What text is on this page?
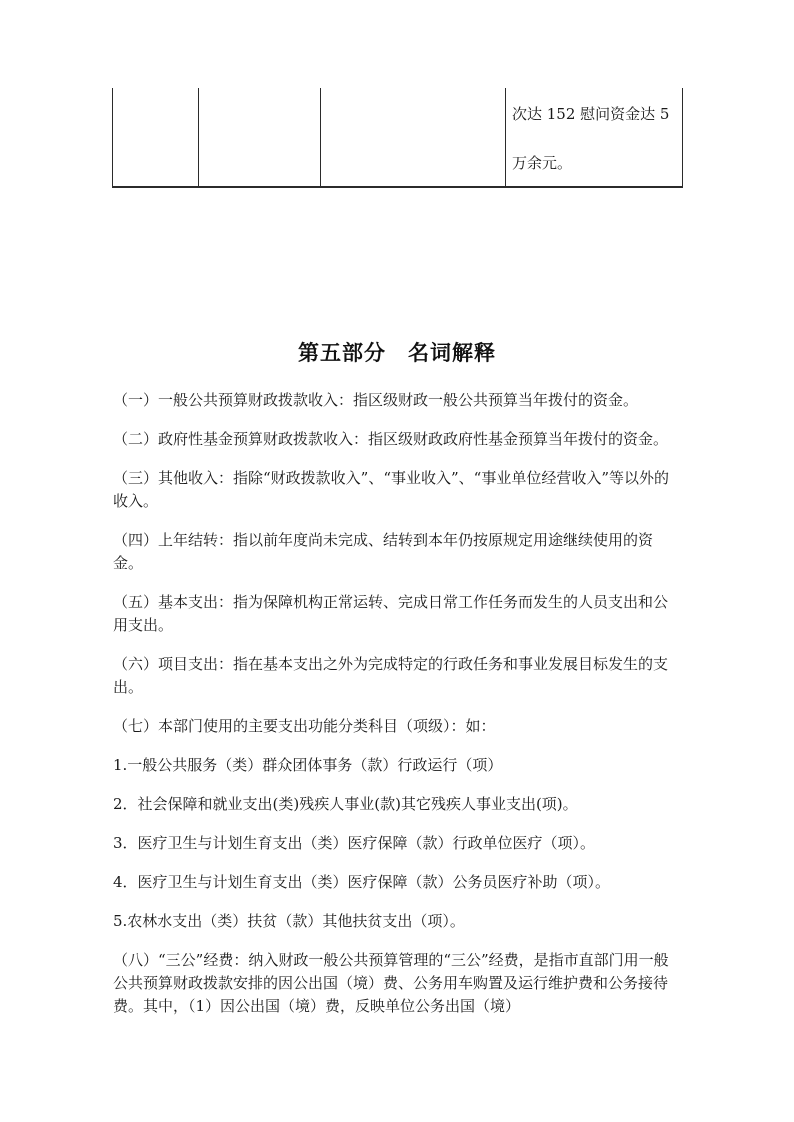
次达 152 慰问资金达 5
万余元。
第五部分　名词解释

（一）一般公共预算财政拨款收入：指区级财政一般公共预算当年拨付的资金。

（二）政府性基金预算财政拨款收入：指区级财政政府性基金预算当年拨付的资金。

（三）其他收入：指除“财政拨款收入”、“事业收入”、“事业单位经营收入”等以外的收入。

（四）上年结转：指以前年度尚未完成、结转到本年仍按原规定用途继续使用的资金。

（五）基本支出：指为保障机构正常运转、完成日常工作任务而发生的人员支出和公用支出。

（六）项目支出：指在基本支出之外为完成特定的行政任务和事业发展目标发生的支出。

（七）本部门使用的主要支出功能分类科目（项级）：如：

1.一般公共服务（类）群众团体事务（款）行政运行（项）

2．社会保障和就业支出(类)残疾人事业(款)其它残疾人事业支出(项)。

3．医疗卫生与计划生育支出（类）医疗保障（款）行政单位医疗（项）。

4．医疗卫生与计划生育支出（类）医疗保障（款）公务员医疗补助（项）。

5.农林水支出（类）扶贫（款）其他扶贫支出（项）。

（八）“三公”经费：纳入财政一般公共预算管理的“三公”经费，是指市直部门用一般公共预算财政拨款安排的因公出国（境）费、公务用车购置及运行维护费和公务接待费。其中，（1）因公出国（境）费，反映单位公务出国（境）
